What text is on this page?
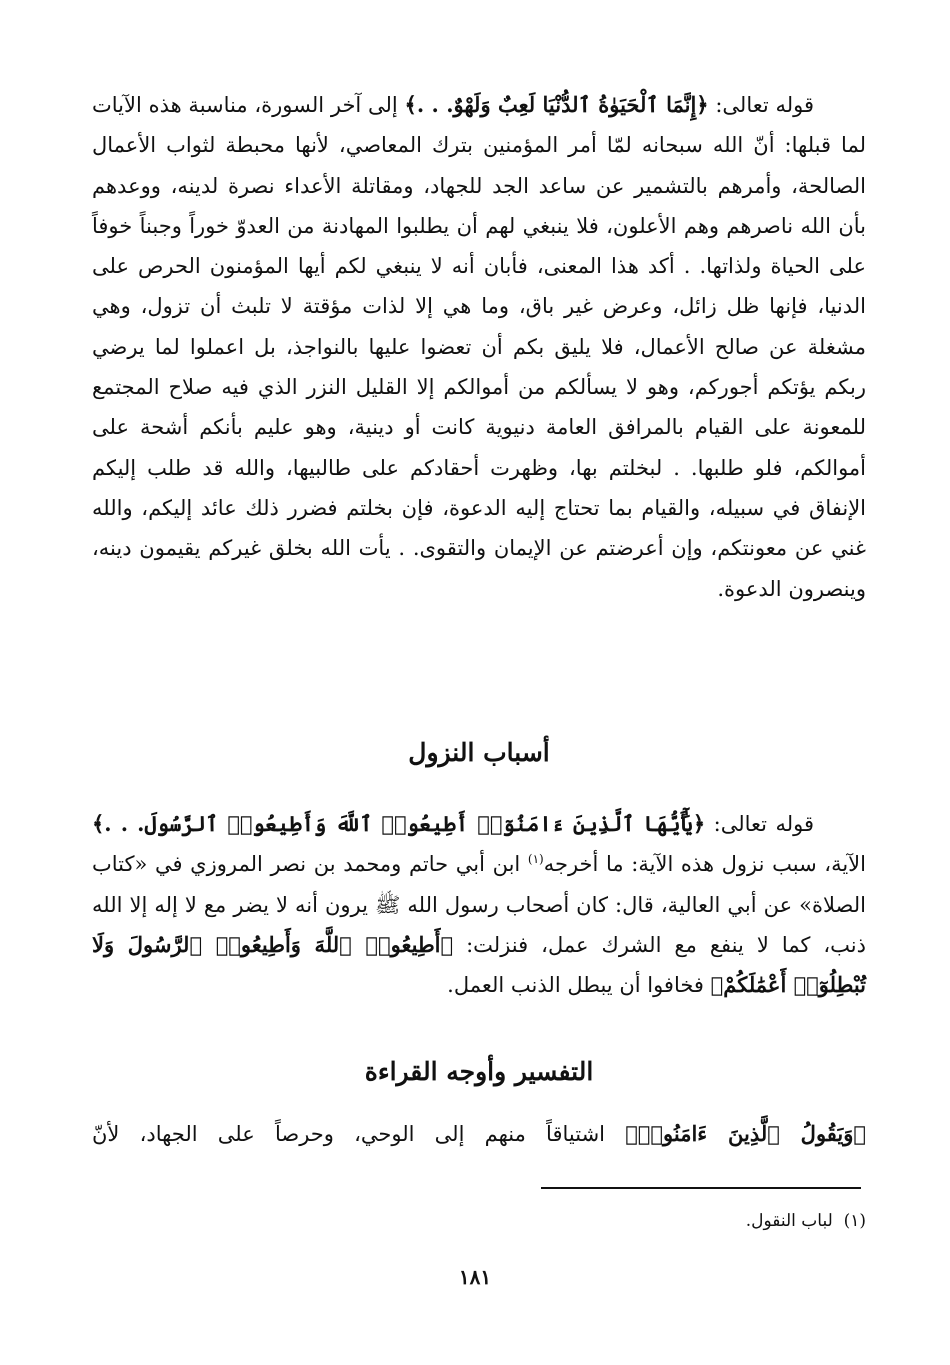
قوله تعالى: ﴿إِنَّمَا ٱلْحَيَوٰةُ ٱلدُّنْيَا لَعِبٌ وَلَهْوٌ. . .﴾ إلى آخر السورة، مناسبة هذه الآيات لما قبلها: أنّ الله سبحانه لمّا أمر المؤمنين بترك المعاصي، لأنها محبطة لثواب الأعمال الصالحة، وأمرهم بالتشمير عن ساعد الجد للجهاد، ومقاتلة الأعداء نصرة لدينه، ووعدهم بأن الله ناصرهم وهم الأعلون، فلا ينبغي لهم أن يطلبوا المهادنة من العدوّ خوراً وجبناً خوفاً على الحياة ولذاتها. . أكد هذا المعنى، فأبان أنه لا ينبغي لكم أيها المؤمنون الحرص على الدنيا، فإنها ظل زائل، وعرض غير باق، وما هي إلا لذات مؤقتة لا تلبث أن تزول، وهي مشغلة عن صالح الأعمال، فلا يليق بكم أن تعضوا عليها بالنواجذ، بل اعملوا لما يرضي ربكم يؤتكم أجوركم، وهو لا يسألكم من أموالكم إلا القليل النزر الذي فيه صلاح المجتمع للمعونة على القيام بالمرافق العامة دنيوية كانت أو دينية، وهو عليم بأنكم أشحة على أموالكم، فلو طلبها. . لبخلتم بها، وظهرت أحقادكم على طالبيها، والله قد طلب إليكم الإنفاق في سبيله، والقيام بما تحتاج إليه الدعوة، فإن بخلتم فضرر ذلك عائد إليكم، والله غني عن معونتكم، وإن أعرضتم عن الإيمان والتقوى. . يأت الله بخلق غيركم يقيمون دينه، وينصرون الدعوة.

أسباب النزول

قوله تعالى: ﴿يَٰٓأَيُّهَا ٱلَّذِينَ ءَامَنُوٓا۟ أَطِيعُوا۟ ٱللَّهَ وَأَطِيعُوا۟ ٱلرَّسُولَ. . .﴾ الآية، سبب نزول هذه الآية: ما أخرجه$^{(١)}$ ابن أبي حاتم ومحمد بن نصر المروزي في «كتاب الصلاة» عن أبي العالية، قال: كان أصحاب رسول الله ﷺ يرون أنه لا يضر مع لا إله إلا الله ذنب، كما لا ينفع مع الشرك عمل، فنزلت: ﴿أَطِيعُوا۟ ٱللَّهَ وَأَطِيعُوا۟ ٱلرَّسُولَ وَلَا تُبْطِلُوٓا۟ أَعْمَٰلَكُمْ﴾ فخافوا أن يبطل الذنب العمل.

التفسير وأوجه القراءة

﴿وَيَقُولُ ٱلَّذِينَ ءَامَنُوا۟﴾ اشتياقاً منهم إلى الوحي، وحرصاً على الجهاد، لأنّ

(١)  لباب النقول.
١٨١
